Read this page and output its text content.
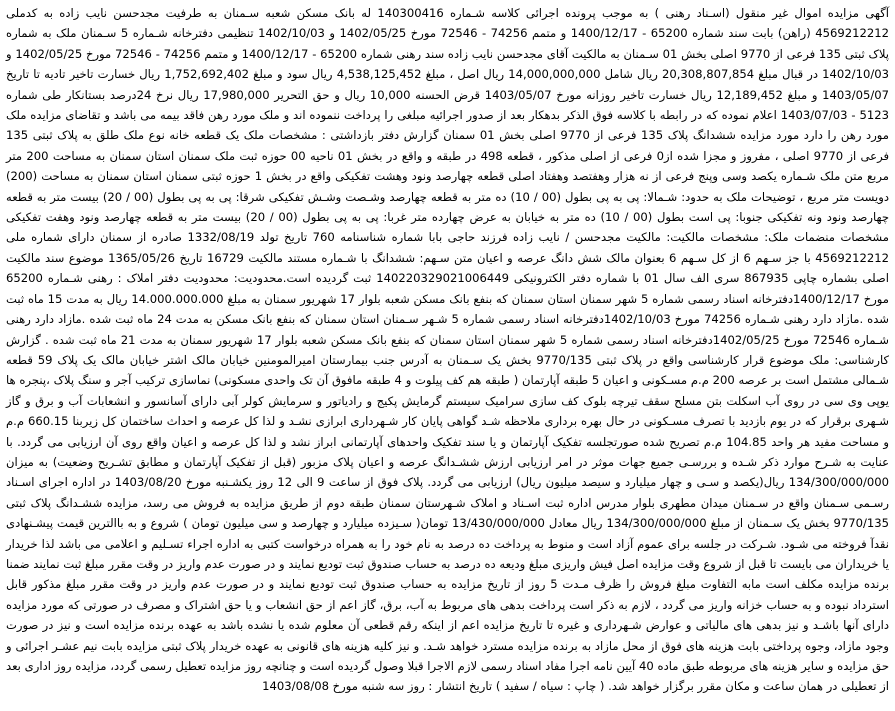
آگهی مزایده اموال غیر منقول (اسـناد رهنی ) به موجب پرونده اجرائی کلاسه شـماره 140300416 له بانک مسکن شعبه سـمنان به طرفیت مجدحسن نایب زاده به کدملی 4569212212 (راهن) بابت سند شماره 65200 - 1400/12/17 و متمم 74256 - 72546 مورخ 1402/05/25 و 1402/10/03 تنظیمی دفترخانه شـماره 5 سـمنان ملک به شماره پلاک ثبتی 135 فرعی از 9770 اصلی بخش 01 سـمنان به مالکیت آقای مجدحسن نایب زاده سند رهنی شماره 65200 - 1400/12/17 و متمم 74256 - 72546 مورخ 1402/05/25 و 1402/10/03 در قبال مبلغ 20,308,807,854 ریال شامل 14,000,000,000 ریال اصل ، مبلغ 4,538,125,452 ریال سود و مبلغ 1,752,692,402 ریال خسارت تاخیر تادیه تا تاریخ 1403/05/07 و مبلغ 12,189,452 ریال خسارت تاخیر روزانه مورخ 1403/05/07 قرض الحسنه 10,000 ریال و حق التحریر 17,980,000 ریال نرخ 24درصد بستانکار طی شماره 5123 - 1403/07/03 اعلام نموده که در رابطه با کلاسه فوق الذکر بدهکار بعد از صدور اجرائیه مبلغی را پرداخت ننموده اند و ملک مورد رهن فاقد بیمه می باشد و تقاضای مزایده ملک مورد رهن را دارد مورد مزایده ششدانگ پلاک 135 فرعی از 9770 اصلی بخش 01 سمنان گزارش دفتر بازداشتی : مشخصات ملک یک قطعه خانه نوع ملک طلق به پلاک ثبتی 135 فرعی از 9770 اصلی ، مفروز و مجزا شده از0 فرعی از اصلی مذکور ، قطعه 498 در طبقه و واقع در بخش 01 ناحیه 00 حوزه ثبت ملک سمنان استان سمنان به مساحت 200 متر مربع متن ملک شـماره یکصد وسی وپنج فرعی از نه هزار وهفتصد وهفتاد اصلی قطعه چهارصد ونود وهشت تفکیکی واقع در بخش 1 حوزه ثبتی سمنان استان سمنان به مساحت (200) دویست متر مربع ، توضیحات ملک به حدود: شـمالا: پی به پی بطول (00 / 10) ده متر به قطعه چهارصد وشـصت وشـش تفکیکی شرقا: پی به پی بطول (00 / 20) بیست متر به قطعه چهارصد ونود ونه تفکیکی جنوبا: پی است بطول (00 / 10) ده متر به خیابان به عرض چهارده متر غربا: پی به پی بطول (00 / 20) بیست متر به قطعه چهارصد ونود وهفت تفکیکی مشخصات منضمات ملک: مشخصات مالکیت: مالکیت مجدحسن / نایب زاده فرزند حاجی بابا شماره شناسنامه 760 تاریخ تولد 1332/08/19 صادره از سمنان دارای شماره ملی 4569212212 با جز سـهم 6 از کل سـهم 6 بعنوان مالک شش دانگ عرصه و اعیان متن سـهم: ششدانگ با شـماره مستند مالکیت 16729 تاریخ 1365/05/26 موضوع سند مالکیت اصلی بشماره چاپی 867935 سری الف سال 01 با شماره دفتر الکترونیکی 140220329021006449 ثبت گردیده است.محدودیت: محدودیت دفتر املاک : رهنی شـماره 65200 مورخ 1400/12/17دفترخانه اسناد رسمی شماره 5 شهر سمنان استان سمنان که بنفع بانک مسکن شعبه بلوار 17 شهریور سمنان به مبلغ 14.000.000.000 ریال به مدت 15 ماه ثبت شده .مازاد دارد رهنی شـماره 74256 مورخ 1402/10/03دفترخانه اسناد رسمی شماره 5 شـهر سـمنان استان سمنان که بنفع بانک مسکن به مدت 24 ماه ثبت شده .مازاد دارد رهنی شـماره 72546 مورخ 1402/05/25دفترخانه اسناد رسمی شماره 5 شهر سمنان استان سمنان که بنفع بانک مسکن شعبه بلوار 17 شهریور سمنان به مدت 21 ماه ثبت شده . گزارش کارشناسی: ملک موضوع قرار کارشناسی واقع در پلاک ثبتی 9770/135 بخش یک سـمنان به آدرس جنب بیمارستان امیرالمومنین خیابان مالک اشتر خیابان مالک یک پلاک 59 قطعه شـمالی مشتمل است بر عرصه 200 م.م مسـکونی و اعیان 5 طبقه آپارتمان ( طبقه هم کف پیلوت و 4 طبقه مافوق آن تک واحدی مسکونی) نماسازی ترکیب آجر و سنگ پلاک ،پنجره ها یوپی وی سی در روی آب اسکلت بتن مسلح سقف تیرچه بلوک کف سازی سرامیک سیستم گرمایش پکیج و رادیاتور و سرمایش کولر آبی دارای آسانسور و انشعابات آب و برق و گاز شـهری برقرار که در یوم بازدید با تصرف مسـکونی در حال بهره برداری ملاحظه شـد گواهی پایان کار شـهرداری ابرازی نشـد و لذا کل عرصه و احداث ساختمان کل زیربنا 660.15 م.م و مساحت مفید هر واحد 104.85 م.م تصریح شده صورتجلسه تفکیک آپارتمان و یا سند تفکیک واحدهای آپارتمانی ابراز نشد و لذا کل عرصه و اعیان واقع روی آن ارزیابی می گردد. با عنایت به شـرح موارد ذکر شـده و بررسـی جمیع جهات موثر در امر ارزیابی ارزش ششـدانگ عرصه و اعیان پلاک مزبور (قبل از تفکیک آپارتمان و مطابق تشـریح وضعیت) به میزان 134/300/000/000 ریال(یکصد و سـی و چهار میلیارد و سیصد میلیون ریال) ارزیابی می گردد. پلاک فوق از ساعت 9 الی 12 روز یکشـنبه مورخ 1403/08/20 در اداره اجرای اسـناد رسـمی سـمنان واقع در سـمنان میدان مطهری بلوار مدرس اداره ثبت اسـناد و املاک شـهرستان سمنان طبقه دوم از طریق مزایده به فروش می رسد، مزایده ششـدانگ پلاک ثبتی 9770/135 بخش یک سـمنان از مبلغ 134/300/000/000 ریال معادل 13/430/000/000 تومان( سـیزده میلیارد و چهارصد و سی میلیون تومان ) شروع و به باالترین قیمت پیشـنهادی نقدآ فروخته می شـود. شـرکت در جلسه برای عموم آزاد است و منوط به پرداخت ده درصد به نام خود را به همراه درخواست کتبی به اداره اجراء تسـلیم و اعلامی می باشد لذا خریدار یا خریداران می بایست تا قبل از شروع وقت مزایده اصل فیش واریزی مبلغ ودیعه ده درصد به حساب صندوق ثبت تودیع نمایند و در صورت عدم واریز در وقت مقرر مبلغ ثبت نمایند ضمنا برنده مزایده مکلف است مابه التفاوت مبلغ فروش را ظرف مـدت 5 روز از تاریخ مزایده به حساب صندوق ثبت تودیع نمایند و در صورت عدم واریز در وقت مقرر مبلغ مذکور قابل استرداد نبوده و به حساب خزانه واریز می گردد ، لازم به ذکر است پرداخت بدهی های مربوط به آب، برق، گاز اعم از حق انشعاب و یا حق اشتراک و مصرف در صورتی که مورد مزایده دارای آنها باشـد و نیز بدهی های مالیاتی و عوارض شـهرداری و غیره تا تاریخ مزایده اعم از اینکه رقم قطعی آن معلوم شده یا نشده باشد به عهده برنده مزایده است و نیز در صورت وجود مازاد، وجوه پرداختی بابت هزینه های فوق از محل مازاد به برنده مزایده مسترد خواهد شـد. و نیز کلیه هزینه های قانونی به عهده خریدار پلاک ثبتی مزایده بابت نیم عشـر اجرائی و حق مزایده و سایر هزینه های مربوطه طبق ماده 40 آیین نامه اجرا مفاد اسناد رسمی لازم الاجرا قبلا وصول گردیده است و چنانچه روز مزایده تعطیل رسمی گردد، مزایده روز اداری بعد از تعطیلی در همان ساعت و مکان مقرر برگزار خواهد شد. ( چاپ : سیاه / سفید ) تاریخ انتشار : روز سه شنبه مورخ 1403/08/08
